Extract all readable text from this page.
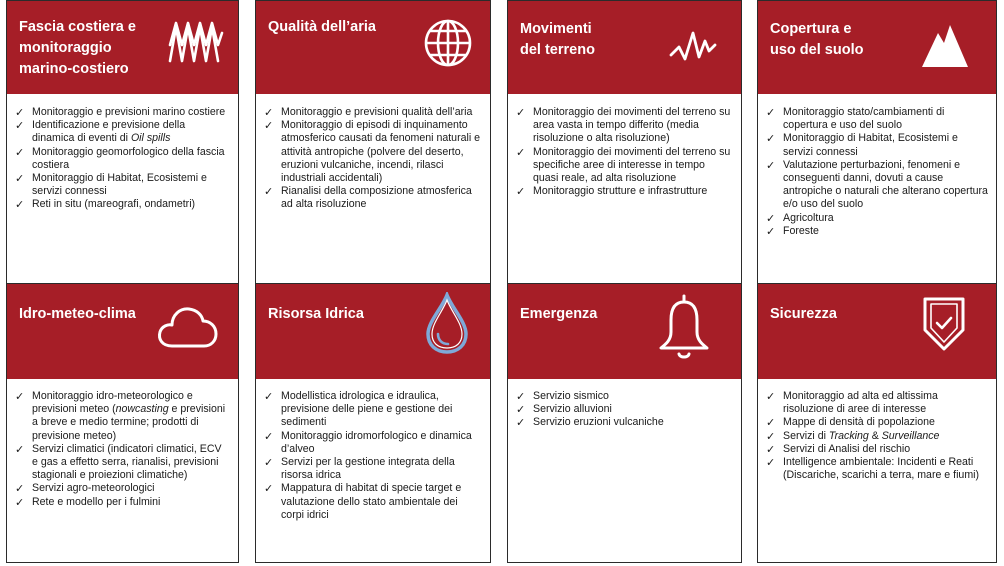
Fascia costiera e
monitoraggio
marino-costiero
✓ Monitoraggio e previsioni marino costiere
✓ Identificazione e previsione della dinamica di eventi di Oil spills
✓ Monitoraggio geomorfologico della fascia costiera
✓ Monitoraggio di Habitat, Ecosistemi e servizi connessi
✓ Reti in situ (mareografi, ondametri)
Qualità dell’aria
✓ Monitoraggio e previsioni qualità dell’aria
✓ Monitoraggio di episodi di inquinamento atmosferico causati da fenomeni naturali e attività antropiche (polvere del deserto, eruzioni vulcaniche, incendi, rilasci industriali accidentali)
✓ Rianalisi della composizione atmosferica ad alta risoluzione
Movimenti
del terreno
✓ Monitoraggio dei movimenti del terreno su area vasta in tempo differito (media risoluzione o alta risoluzione)
✓ Monitoraggio dei movimenti del terreno su specifiche aree di interesse in tempo quasi reale, ad alta risoluzione
✓ Monitoraggio strutture e infrastrutture
Copertura e
uso del suolo
✓ Monitoraggio stato/cambiamenti di copertura e uso del suolo
✓ Monitoraggio di Habitat, Ecosistemi e servizi connessi
✓ Valutazione perturbazioni, fenomeni e conseguenti danni, dovuti a cause antropiche o naturali che alterano copertura e/o uso del suolo
✓ Agricoltura
✓ Foreste
Idro-meteo-clima
✓ Monitoraggio idro-meteorologico e previsioni meteo (nowcasting e previsioni a breve e medio termine; prodotti di previsione meteo)
✓ Servizi climatici (indicatori climatici, ECV e gas a effetto serra, rianalisi, previsioni stagionali e proiezioni climatiche)
✓ Servizi agro-meteorologici
✓ Rete e modello per i fulmini
Risorsa Idrica
✓ Modellistica idrologica e idraulica, previsione delle piene e gestione dei sedimenti
✓ Monitoraggio idromorfologico e dinamica d’alveo
✓ Servizi per la gestione integrata della risorsa idrica
✓ Mappatura di habitat di specie target e valutazione dello stato ambientale dei corpi idrici
Emergenza
✓ Servizio sismico
✓ Servizio alluvioni
✓ Servizio eruzioni vulcaniche
Sicurezza
✓ Monitoraggio ad alta ed altissima risoluzione di aree di interesse
✓ Mappe di densità di popolazione
✓ Servizi di Tracking & Surveillance
✓ Servizi di Analisi del rischio
✓ Intelligence ambientale: Incidenti e Reati (Discariche, scarichi a terra, mare e fiumi)
